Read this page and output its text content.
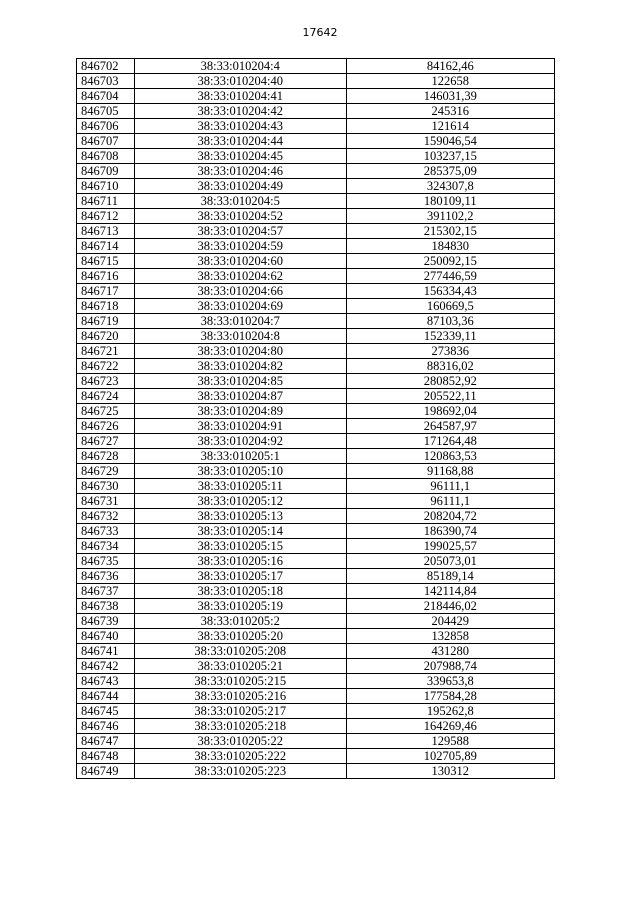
17642
846702	38:33:010204:4	84162,46
846703	38:33:010204:40	122658
846704	38:33:010204:41	146031,39
846705	38:33:010204:42	245316
846706	38:33:010204:43	121614
846707	38:33:010204:44	159046,54
846708	38:33:010204:45	103237,15
846709	38:33:010204:46	285375,09
846710	38:33:010204:49	324307,8
846711	38:33:010204:5	180109,11
846712	38:33:010204:52	391102,2
846713	38:33:010204:57	215302,15
846714	38:33:010204:59	184830
846715	38:33:010204:60	250092,15
846716	38:33:010204:62	277446,59
846717	38:33:010204:66	156334,43
846718	38:33:010204:69	160669,5
846719	38:33:010204:7	87103,36
846720	38:33:010204:8	152339,11
846721	38:33:010204:80	273836
846722	38:33:010204:82	88316,02
846723	38:33:010204:85	280852,92
846724	38:33:010204:87	205522,11
846725	38:33:010204:89	198692,04
846726	38:33:010204:91	264587,97
846727	38:33:010204:92	171264,48
846728	38:33:010205:1	120863,53
846729	38:33:010205:10	91168,88
846730	38:33:010205:11	96111,1
846731	38:33:010205:12	96111,1
846732	38:33:010205:13	208204,72
846733	38:33:010205:14	186390,74
846734	38:33:010205:15	199025,57
846735	38:33:010205:16	205073,01
846736	38:33:010205:17	85189,14
846737	38:33:010205:18	142114,84
846738	38:33:010205:19	218446,02
846739	38:33:010205:2	204429
846740	38:33:010205:20	132858
846741	38:33:010205:208	431280
846742	38:33:010205:21	207988,74
846743	38:33:010205:215	339653,8
846744	38:33:010205:216	177584,28
846745	38:33:010205:217	195262,8
846746	38:33:010205:218	164269,46
846747	38:33:010205:22	129588
846748	38:33:010205:222	102705,89
846749	38:33:010205:223	130312
